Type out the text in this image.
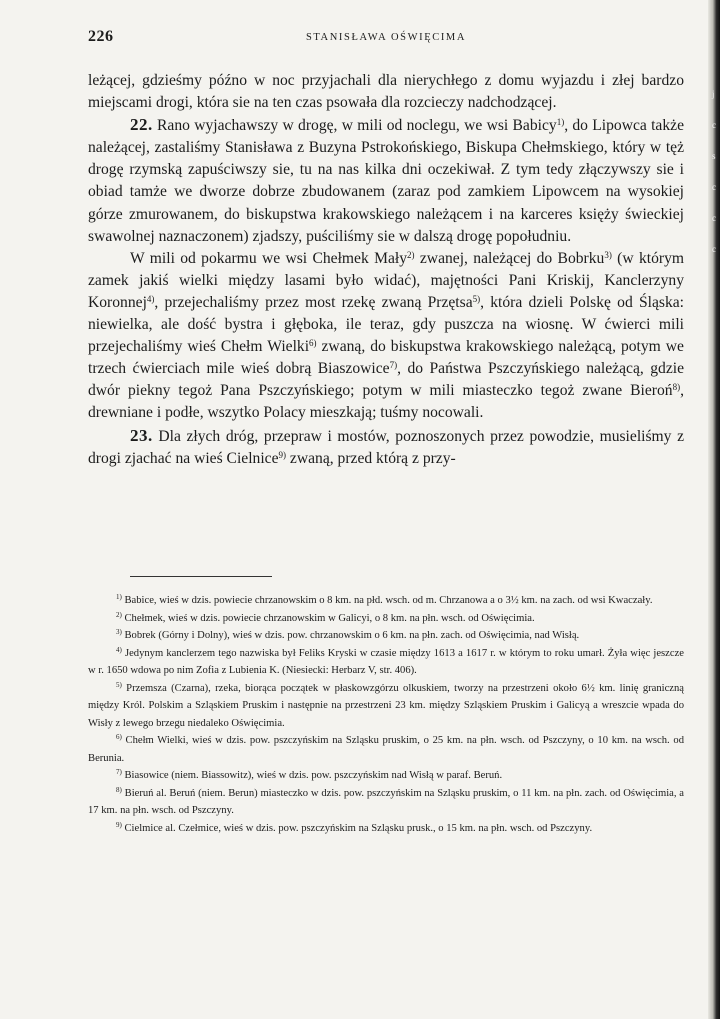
226	STANISŁAWA OŚWIĘCIMA

leżącej, gdzieśmy późno w noc przyjachali dla nierychłego z domu wyjazdu i złej bardzo miejscami drogi, która sie na ten czas psowała dla rozcieczy nadchodzącej.

22. Rano wyjachawszy w drogę, w mili od noclegu, we wsi Babicy$^{1)}$, do Lipowca także należącej, zastaliśmy Stanisława z Buzyna Pstrokońskiego, Biskupa Chełmskiego, który w tęż drogę rzymską zapuściwszy sie, tu na nas kilka dni oczekiwał. Z tym tedy złączywszy sie i obiad tamże we dworze dobrze zbudowanem (zaraz pod zamkiem Lipowcem na wysokiej górze zmurowanem, do biskupstwa krakowskiego należącem i na karceres księży świeckiej swawolnej naznaczonem) zjadszy, puściliśmy sie w dalszą drogę popołudniu.

W mili od pokarmu we wsi Chełmek Mały$^{2)}$ zwanej, należącej do Bobrku$^{3)}$ (w którym zamek jakiś wielki między lasami było widać), majętności Pani Kriskij, Kanclerzyny Koronnej$^{4)}$, przejechaliśmy przez most rzekę zwaną Przętsa$^{5)}$, która dzieli Polskę od Śląska: niewielka, ale dość bystra i głęboka, ile teraz, gdy puszcza na wiosnę. W ćwierci mili przejechaliśmy wieś Chełm Wielki$^{6)}$ zwaną, do biskupstwa krakowskiego należącą, potym we trzech ćwierciach mile wieś dobrą Biaszowice$^{7)}$, do Państwa Pszczyńskiego należącą, gdzie dwór piekny tegoż Pana Pszczyńskiego; potym w mili miasteczko tegoż zwane Bieroń$^{8)}$, drewniane i podłe, wszytko Polacy mieszkają; tuśmy nocowali.

23. Dla złych dróg, przepraw i mostów, poznoszonych przez powodzie, musieliśmy z drogi zjachać na wieś Cielnice$^{9)}$ zwaną, przed którą z przy-

$^{1)}$ Babice, wieś w dzis. powiecie chrzanowskim o 8 km. na płd. wsch. od m. Chrzanowa a o 3½ km. na zach. od wsi Kwaczały.

$^{2)}$ Chełmek, wieś w dzis. powiecie chrzanowskim w Galicyi, o 8 km. na płn. wsch. od Oświęcimia.

$^{3)}$ Bobrek (Górny i Dolny), wieś w dzis. pow. chrzanowskim o 6 km. na płn. zach. od Oświęcimia, nad Wisłą.

$^{4)}$ Jedynym kanclerzem tego nazwiska był Feliks Kryski w czasie między 1613 a 1617 r. w którym to roku umarł. Żyła więc jeszcze w r. 1650 wdowa po nim Zofia z Lubienia K. (Niesiecki: Herbarz V, str. 406).

$^{5)}$ Przemsza (Czarna), rzeka, biorąca początek w płaskowzgórzu olkuskiem, tworzy na przestrzeni około 6½ km. linię graniczną między Król. Polskim a Szląskiem Pruskim i następnie na przestrzeni 23 km. między Szląskiem Pruskim i Galicyą a wreszcie wpada do Wisły z lewego brzegu niedaleko Oświęcimia.

$^{6)}$ Chełm Wielki, wieś w dzis. pow. pszczyńskim na Szląsku pruskim, o 25 km. na płn. wsch. od Pszczyny, o 10 km. na wsch. od Berunia.

$^{7)}$ Biasowice (niem. Biassowitz), wieś w dzis. pow. pszczyńskim nad Wisłą w paraf. Beruń.

$^{8)}$ Bieruń al. Beruń (niem. Berun) miasteczko w dzis. pow. pszczyńskim na Szląsku pruskim, o 11 km. na płn. zach. od Oświęcimia, a 17 km. na płn. wsch. od Pszczyny.

$^{9)}$ Cielmice al. Czełmice, wieś w dzis. pow. pszczyńskim na Szląsku prusk., o 15 km. na płn. wsch. od Pszczyny.

j
c
s
c
c
c
